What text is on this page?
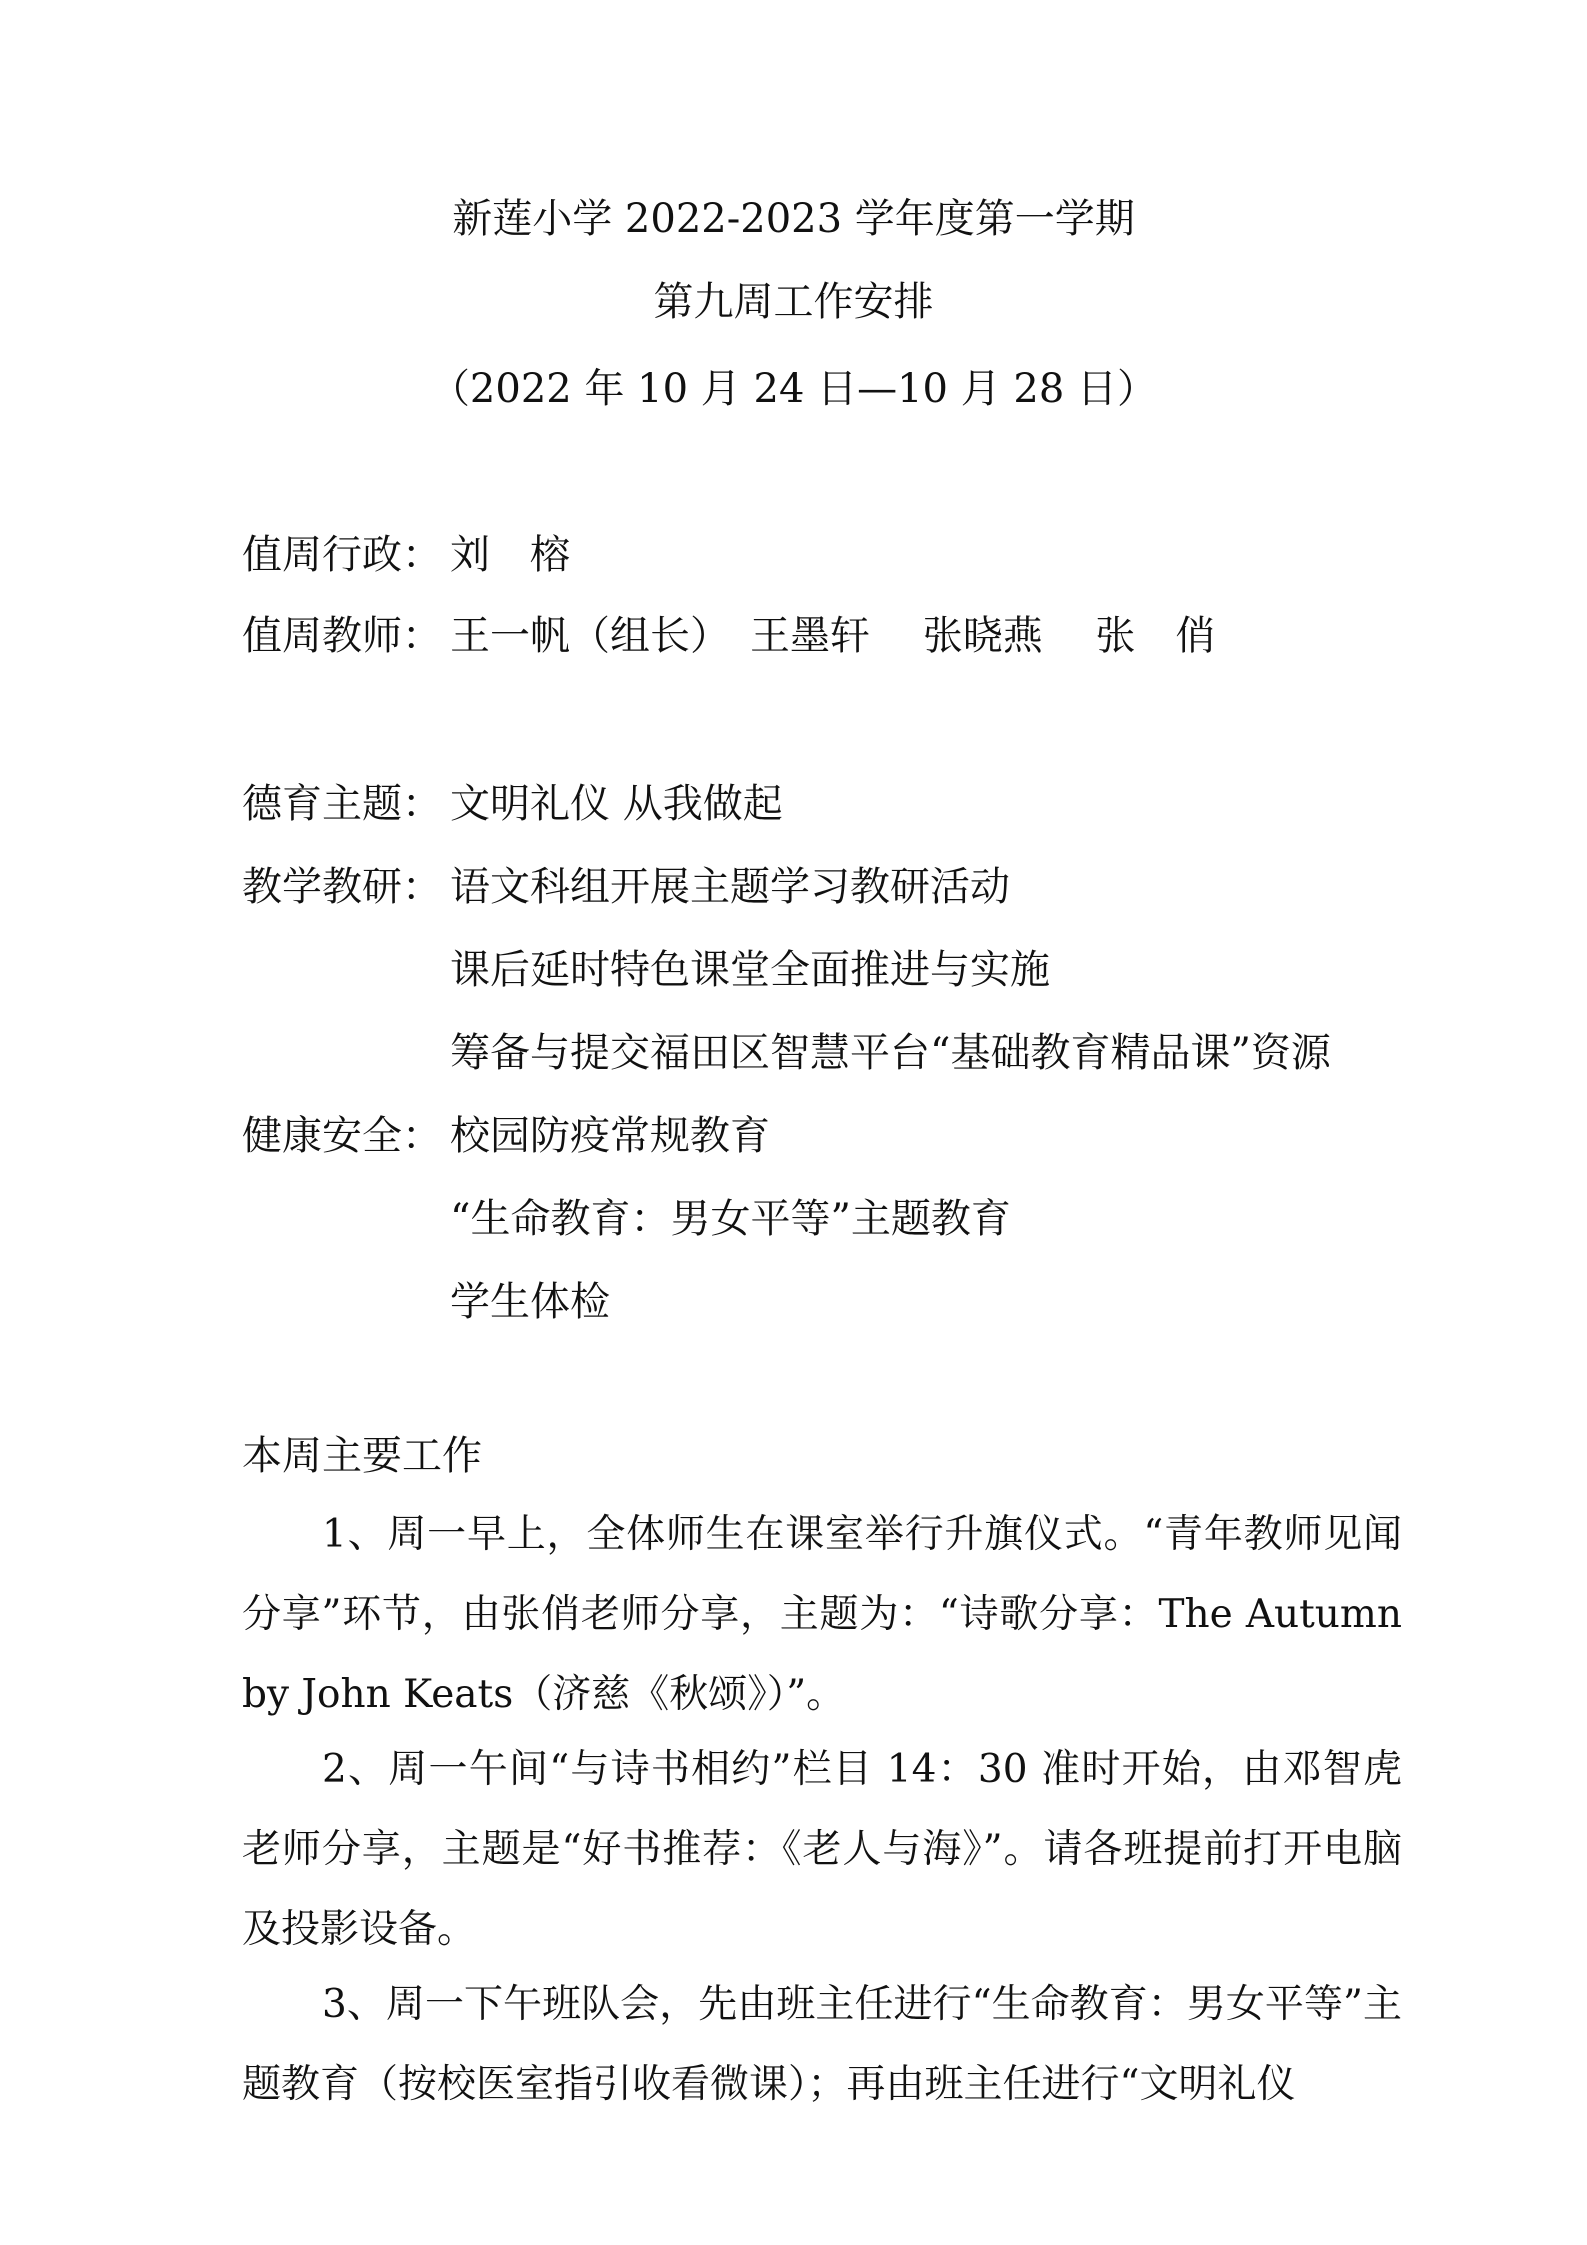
新莲小学 2022-2023 学年度第一学期
第九周工作安排
（2022 年 10 月 24 日—10 月 28 日）
值周行政： 刘　榕
值周教师： 王一帆（组长）　王墨轩　 张晓燕　 张　俏
德育主题： 文明礼仪 从我做起
教学教研： 语文科组开展主题学习教研活动
课后延时特色课堂全面推进与实施
筹备与提交福田区智慧平台“基础教育精品课”资源
健康安全： 校园防疫常规教育
“生命教育：男女平等”主题教育
学生体检
本周主要工作
1、周一早上，全体师生在课室举行升旗仪式。“青年教师见闻分享”环节，由张俏老师分享，主题为：“诗歌分享：The Autumn by John Keats（济慈《秋颂》）”。
2、周一午间“与诗书相约”栏目 14：30 准时开始，由邓智虎老师分享，主题是“好书推荐：《老人与海》”。请各班提前打开电脑及投影设备。
3、周一下午班队会，先由班主任进行“生命教育：男女平等”主题教育（按校医室指引收看微课）；再由班主任进行“文明礼仪
